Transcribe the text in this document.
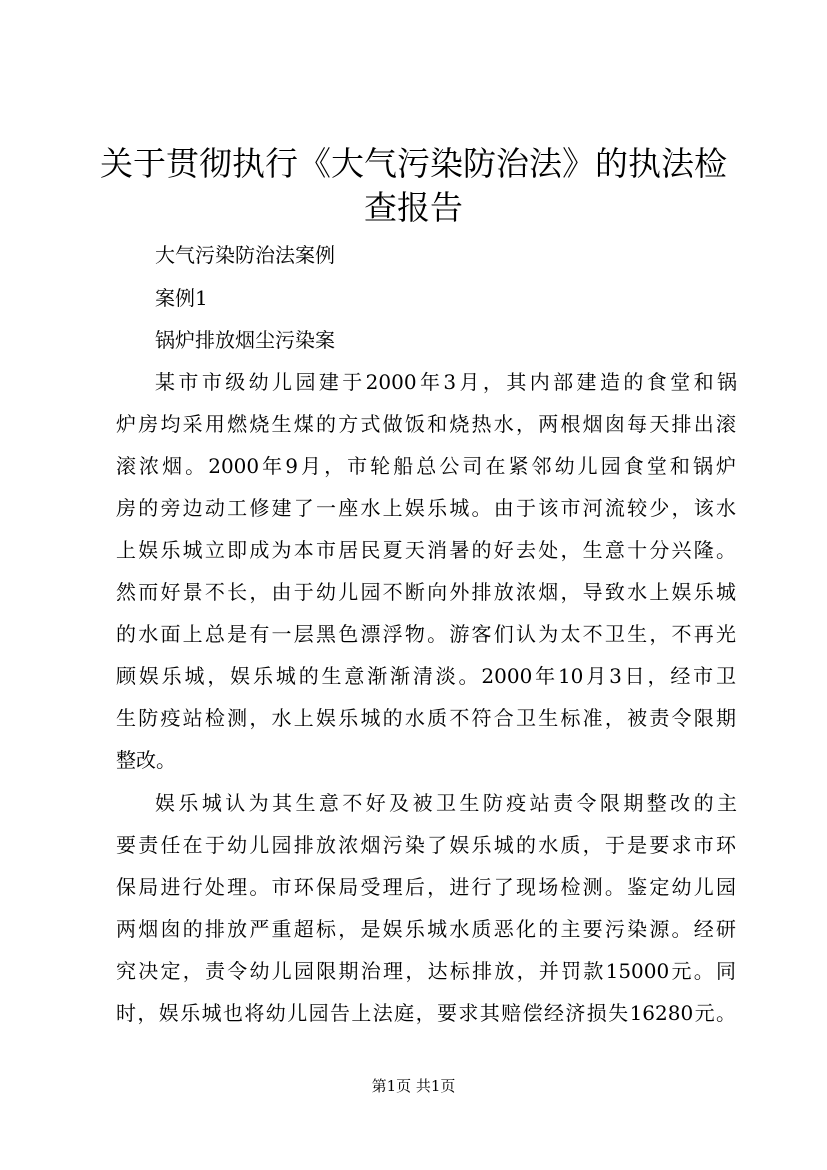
关于贯彻执行《大气污染防治法》的执法检查报告

大气污染防治法案例

案例1

锅炉排放烟尘污染案

某市市级幼儿园建于2000年3月，其内部建造的食堂和锅

炉房均采用燃烧生煤的方式做饭和烧热水，两根烟囱每天排出滚

滚浓烟。2000年9月，市轮船总公司在紧邻幼儿园食堂和锅炉

房的旁边动工修建了一座水上娱乐城。由于该市河流较少，该水

上娱乐城立即成为本市居民夏天消暑的好去处，生意十分兴隆。

然而好景不长，由于幼儿园不断向外排放浓烟，导致水上娱乐城

的水面上总是有一层黑色漂浮物。游客们认为太不卫生，不再光

顾娱乐城，娱乐城的生意渐渐清淡。2000年10月3日，经市卫

生防疫站检测，水上娱乐城的水质不符合卫生标准，被责令限期

整改。

娱乐城认为其生意不好及被卫生防疫站责令限期整改的主

要责任在于幼儿园排放浓烟污染了娱乐城的水质，于是要求市环

保局进行处理。市环保局受理后，进行了现场检测。鉴定幼儿园

两烟囱的排放严重超标，是娱乐城水质恶化的主要污染源。经研

究决定，责令幼儿园限期治理，达标排放，并罚款15000元。同

时，娱乐城也将幼儿园告上法庭，要求其赔偿经济损失16280元。

第1页 共1页
